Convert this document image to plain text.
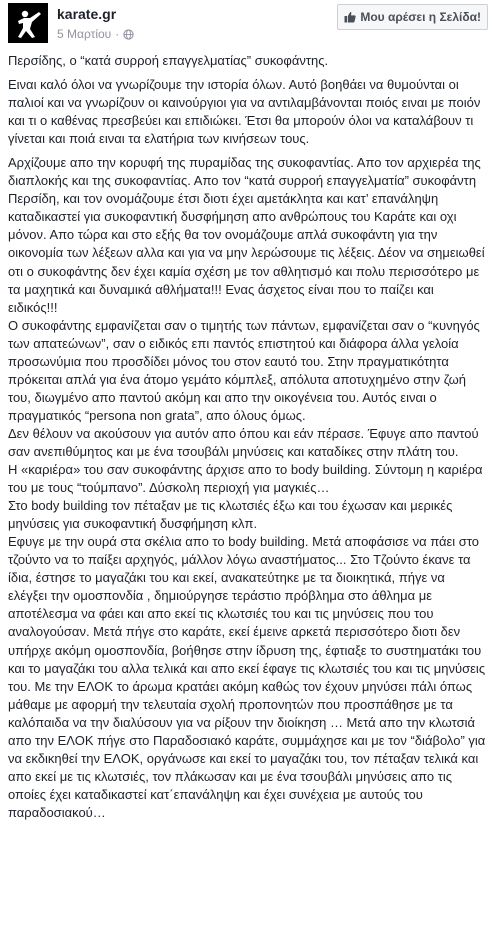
karate.gr
5 Μαρτίου ·
Μου αρέσει η Σελίδα!

Περσίδης, ο “κατά συρροή επαγγελματίας” συκοφάντης.

Ειναι καλό όλοι να γνωρίζουμε την ιστορία όλων. Αυτό βοηθάει να θυμούνται οι παλιοί και να γνωρίζουν οι καινούργιοι για να αντιλαμβάνονται ποιός ειναι με ποιόν και τι ο καθένας πρεσβεύει και επιδιώκει. Έτσι θα μπορούν όλοι να καταλάβουν τι γίνεται και ποιά ειναι τα ελατήρια των κινήσεων τους.

Αρχίζουμε απο την κορυφή της πυραμίδας της συκοφαντίας. Απο τον αρχιερέα της διαπλοκής και της συκοφαντίας. Απο τον “κατά συρροή επαγγελματία” συκοφάντη Περσίδη, και τον ονομάζουμε έτσι διοτι έχει αμετάκλητα και κατ’ επανάληψη καταδικαστεί για συκοφαντική δυσφήμηση απο ανθρώπους του Καράτε και οχι μόνον. Απο τώρα και στο εξής θα τον ονομάζουμε απλά συκοφάντη για την οικονομία των λέξεων αλλα και για να μην λερώσουμε τις λέξεις. Δέον να σημειωθεί οτι ο συκοφάντης δεν έχει καμία σχέση με τον αθλητισμό και πολυ περισσότερο με τα μαχητικά και δυναμικά αθλήματα!!! Ενας άσχετος είναι που το παίζει και ειδικός!!!
Ο συκοφάντης εμφανίζεται σαν ο τιμητής των πάντων, εμφανίζεται σαν ο “κυνηγός των απατεώνων”, σαν ο ειδικός επι παντός επιστητού και διάφορα άλλα γελοία προσωνύμια που προσδίδει μόνος του στον εαυτό του. Στην πραγματικότητα πρόκειται απλά για ένα άτομο γεμάτο κόμπλεξ, απόλυτα αποτυχημένο στην ζωή του, διωγμένο απο παντού ακόμη και απο την οικογένεια του. Αυτός ειναι ο πραγματικός “persona non grata”, απο όλους όμως.
Δεν θέλουν να ακούσουν για αυτόν απο όπου και εάν πέρασε. Έφυγε απο παντού σαν ανεπιθύμητος και με ένα τσουβάλι μηνύσεις και καταδίκες στην πλάτη του.
Η «καριέρα» του σαν συκοφάντης άρχισε απο το body building. Σύντομη η καριέρα του με τους “τούμπανο”. Δύσκολη περιοχή για μαγκιές…
Στο body building τον πέταξαν με τις κλωτσιές έξω και του έχωσαν και μερικές μηνύσεις για συκοφαντική δυσφήμηση κλπ.
Εφυγε με την ουρά στα σκέλια απο το body building. Μετά αποφάσισε να πάει στο τζούντο να το παίξει αρχηγός, μάλλον λόγω αναστήματος... Στο Τζούντο έκανε τα ίδια, έστησε το μαγαζάκι του και εκεί, ανακατεύτηκε με τα διοικητικά, πήγε να ελέγξει την ομοσπονδία , δημιούργησε τεράστιο πρόβλημα στο άθλημα με αποτέλεσμα να φάει και απο εκεί τις κλωτσιές του και τις μηνύσεις που του αναλογούσαν. Μετά πήγε στο καράτε, εκεί έμεινε αρκετά περισσότερο διοτι δεν υπήρχε ακόμη ομοσπονδία, βοήθησε στην ίδρυση της, έφτιαξε το συστηματάκι του και το μαγαζάκι του αλλα τελικά και απο εκεί έφαγε τις κλωτσιές του και τις μηνύσεις του. Με την ΕΛΟΚ το άρωμα κρατάει ακόμη καθώς τον έχουν μηνύσει πάλι όπως μάθαμε με αφορμή την τελευταία σχολή προπονητών που προσπάθησε με τα καλόπαιδα να την διαλύσουν για να ρίξουν την διοίκηση … Μετά απο την κλωτσιά απο την ΕΛΟΚ πήγε στο Παραδοσιακό καράτε, συμμάχησε και με τον “διάβολο” για να εκδικηθεί την ΕΛΟΚ, οργάνωσε και εκεί το μαγαζάκι του, τον πέταξαν τελικά και απο εκεί με τις κλωτσιές, τον πλάκωσαν και με ένα τσουβάλι μηνύσεις απο τις οποίες έχει καταδικαστεί κατ΄επανάληψη και έχει συνέχεια με αυτούς του παραδοσιακού…
